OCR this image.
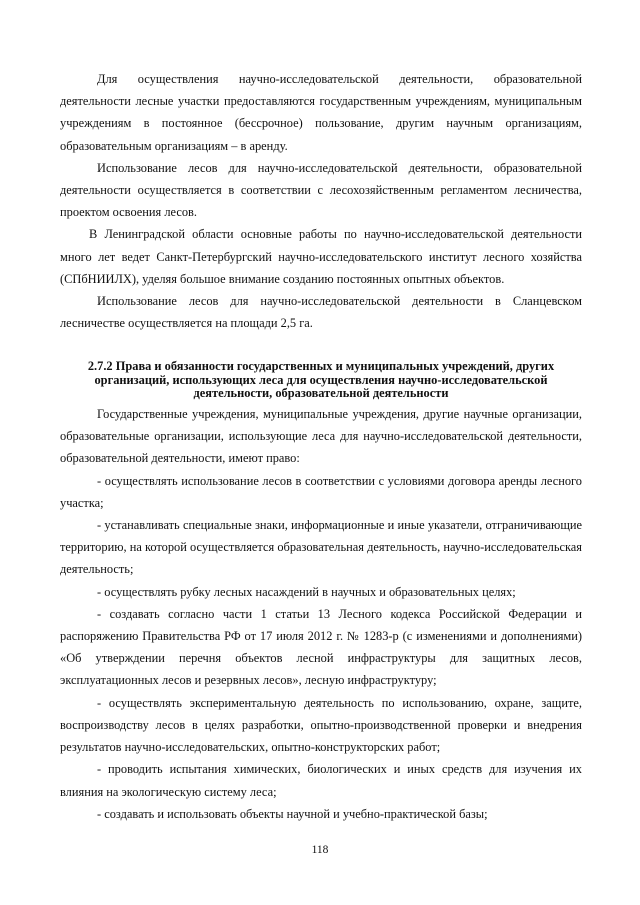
Для осуществления научно-исследовательской деятельности, образовательной деятельности лесные участки предоставляются государственным учреждениям, муниципальным учреждениям в постоянное (бессрочное) пользование, другим научным организациям, образовательным организациям – в аренду.

Использование лесов для научно-исследовательской деятельности, образовательной деятельности осуществляется в соответствии с лесохозяйственным регламентом лесничества, проектом освоения лесов.

В Ленинградской области основные работы по научно-исследовательской деятельности много лет ведет Санкт-Петербургский научно-исследовательского институт лесного хозяйства (СПбНИИЛХ), уделяя большое внимание созданию постоянных опытных объектов.

Использование лесов для научно-исследовательской деятельности в Сланцевском лесничестве осуществляется на площади 2,5 га.

2.7.2 Права и обязанности государственных и муниципальных учреждений, других организаций, использующих леса для осуществления научно-исследовательской деятельности, образовательной деятельности

Государственные учреждения, муниципальные учреждения, другие научные организации, образовательные организации, использующие леса для научно-исследовательской деятельности, образовательной деятельности, имеют право:

- осуществлять использование лесов в соответствии с условиями договора аренды лесного участка;

- устанавливать специальные знаки, информационные и иные указатели, отграничивающие территорию, на которой осуществляется образовательная деятельность, научно-исследовательская деятельность;

- осуществлять рубку лесных насаждений в научных и образовательных целях;

- создавать согласно части 1 статьи 13 Лесного кодекса Российской Федерации и распоряжению Правительства РФ от 17 июля 2012 г. № 1283-р (с изменениями и дополнениями) «Об утверждении перечня объектов лесной инфраструктуры для защитных лесов, эксплуатационных лесов и резервных лесов», лесную инфраструктуру;

- осуществлять экспериментальную деятельность по использованию, охране, защите, воспроизводству лесов в целях разработки, опытно-производственной проверки и внедрения результатов научно-исследовательских, опытно-конструкторских работ;

- проводить испытания химических, биологических и иных средств для изучения их влияния на экологическую систему леса;

- создавать и использовать объекты научной и учебно-практической базы;

118
